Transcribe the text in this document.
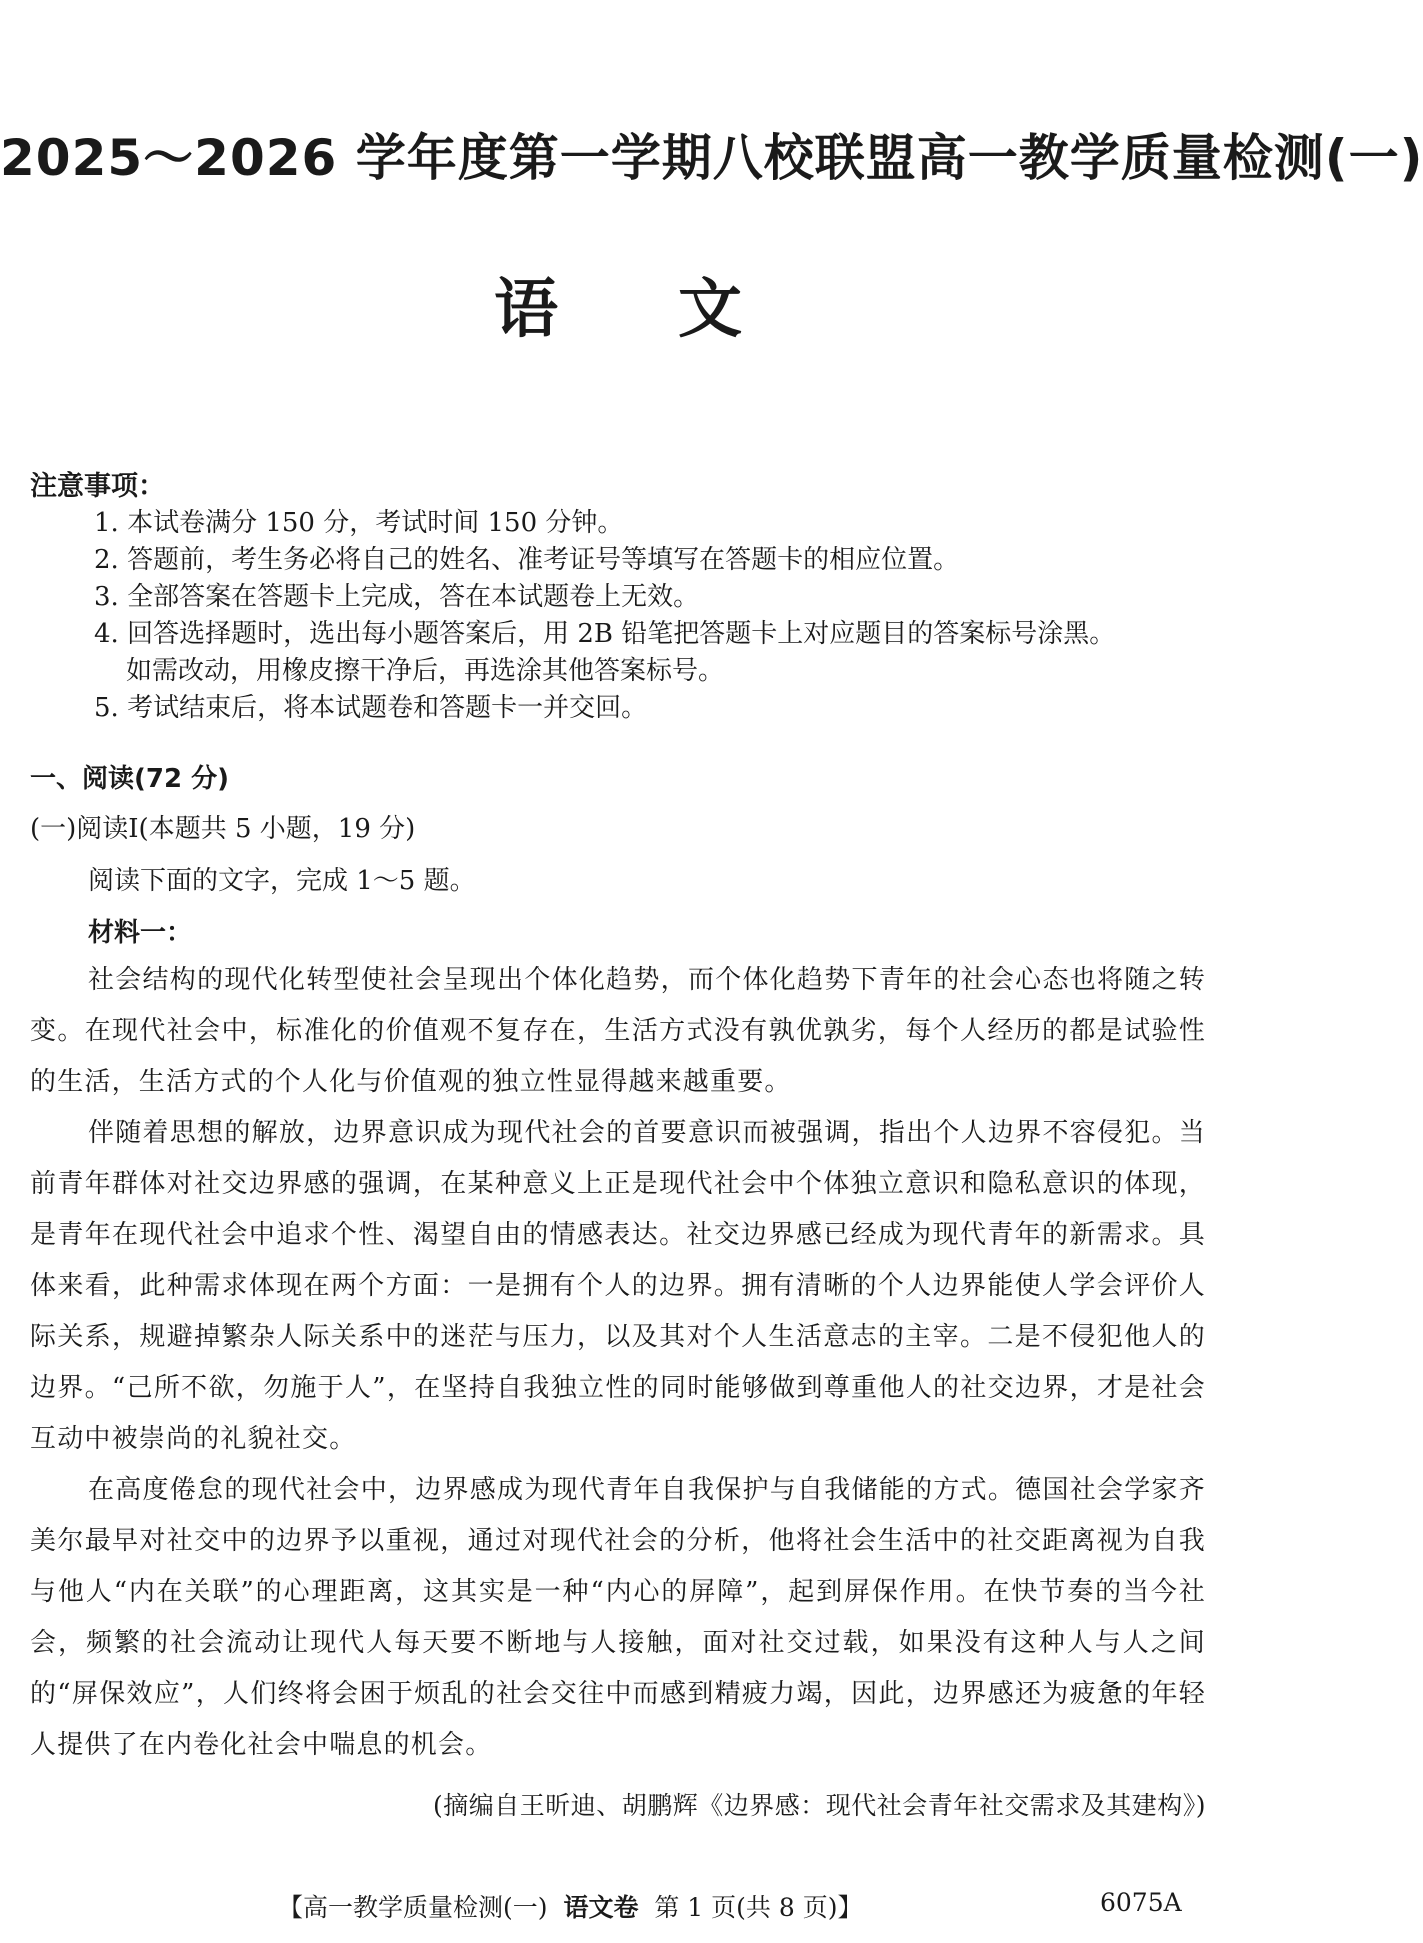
2025～2026 学年度第一学期八校联盟高一教学质量检测(一)
语文
注意事项：
1. 本试卷满分 150 分，考试时间 150 分钟。
2. 答题前，考生务必将自己的姓名、准考证号等填写在答题卡的相应位置。
3. 全部答案在答题卡上完成，答在本试题卷上无效。
4. 回答选择题时，选出每小题答案后，用 2B 铅笔把答题卡上对应题目的答案标号涂黑。
如需改动，用橡皮擦干净后，再选涂其他答案标号。
5. 考试结束后，将本试题卷和答题卡一并交回。
一、阅读(72 分)
(一)阅读Ⅰ(本题共 5 小题，19 分)
阅读下面的文字，完成 1～5 题。
材料一：

社会结构的现代化转型使社会呈现出个体化趋势，而个体化趋势下青年的社会心态也将随之转变。在现代社会中，标准化的价值观不复存在，生活方式没有孰优孰劣，每个人经历的都是试验性的生活，生活方式的个人化与价值观的独立性显得越来越重要。

伴随着思想的解放，边界意识成为现代社会的首要意识而被强调，指出个人边界不容侵犯。当前青年群体对社交边界感的强调，在某种意义上正是现代社会中个体独立意识和隐私意识的体现，是青年在现代社会中追求个性、渴望自由的情感表达。社交边界感已经成为现代青年的新需求。具体来看，此种需求体现在两个方面：一是拥有个人的边界。拥有清晰的个人边界能使人学会评价人际关系，规避掉繁杂人际关系中的迷茫与压力，以及其对个人生活意志的主宰。二是不侵犯他人的边界。“己所不欲，勿施于人”，在坚持自我独立性的同时能够做到尊重他人的社交边界，才是社会互动中被崇尚的礼貌社交。

在高度倦怠的现代社会中，边界感成为现代青年自我保护与自我储能的方式。德国社会学家齐美尔最早对社交中的边界予以重视，通过对现代社会的分析，他将社会生活中的社交距离视为自我与他人“内在关联”的心理距离，这其实是一种“内心的屏障”，起到屏保作用。在快节奏的当今社会，频繁的社会流动让现代人每天要不断地与人接触，面对社交过载，如果没有这种人与人之间的“屏保效应”，人们终将会困于烦乱的社会交往中而感到精疲力竭，因此，边界感还为疲惫的年轻人提供了在内卷化社会中喘息的机会。

(摘编自王昕迪、胡鹏辉《边界感：现代社会青年社交需求及其建构》)
【高一教学质量检测(一) 语文卷 第 1 页(共 8 页)】	6075A
